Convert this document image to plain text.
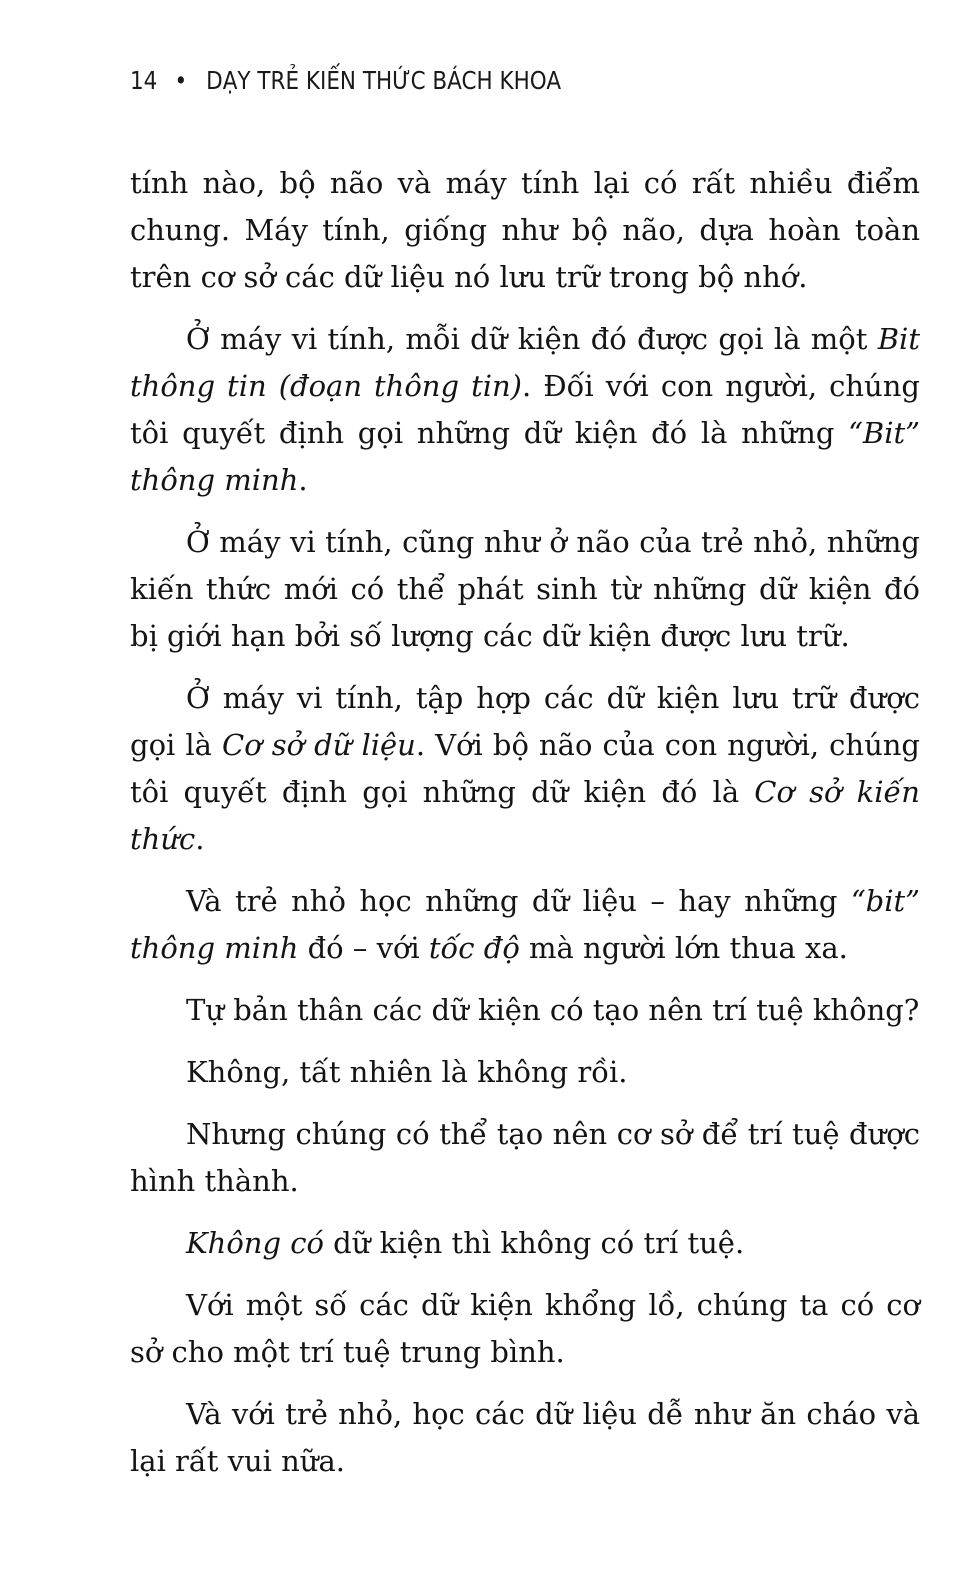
14 • DẠY TRẺ KIẾN THỨC BÁCH KHOA

tính nào, bộ não và máy tính lại có rất nhiều điểm chung. Máy tính, giống như bộ não, dựa hoàn toàn trên cơ sở các dữ liệu nó lưu trữ trong bộ nhớ.

Ở máy vi tính, mỗi dữ kiện đó được gọi là một Bit thông tin (đoạn thông tin). Đối với con người, chúng tôi quyết định gọi những dữ kiện đó là những “Bit” thông minh.

Ở máy vi tính, cũng như ở não của trẻ nhỏ, những kiến thức mới có thể phát sinh từ những dữ kiện đó bị giới hạn bởi số lượng các dữ kiện được lưu trữ.

Ở máy vi tính, tập hợp các dữ kiện lưu trữ được gọi là Cơ sở dữ liệu. Với bộ não của con người, chúng tôi quyết định gọi những dữ kiện đó là Cơ sở kiến thức.

Và trẻ nhỏ học những dữ liệu – hay những “bit” thông minh đó – với tốc độ mà người lớn thua xa.

Tự bản thân các dữ kiện có tạo nên trí tuệ không?

Không, tất nhiên là không rồi.

Nhưng chúng có thể tạo nên cơ sở để trí tuệ được hình thành.

Không có dữ kiện thì không có trí tuệ.

Với một số các dữ kiện khổng lồ, chúng ta có cơ sở cho một trí tuệ trung bình.

Và với trẻ nhỏ, học các dữ liệu dễ như ăn cháo và lại rất vui nữa.
